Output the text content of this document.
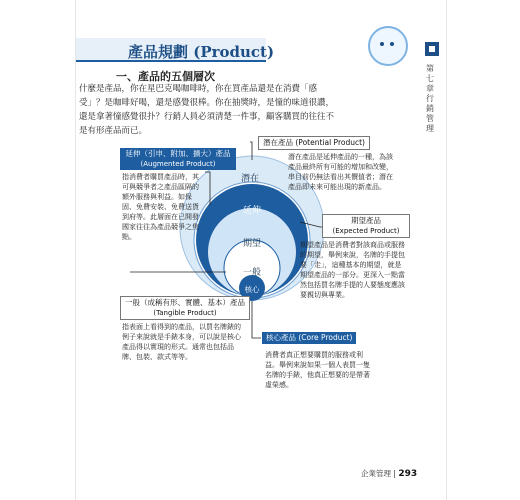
產品規劃 (Product)
第七章 行銷管理
一、產品的五個層次
什麼是產品，你在星巴克喝咖啡時，你在買產品還是在消費「感受」？是咖啡好喝，還是感覺很棒。你在抽獎時，是憧的味道很讚，還是拿著憧感覺很扑？行銷人員必須清楚一件事，顧客購買的往往不是有形產品而已。
潛在
延伸
期望
一般
核心
潛在產品 (Potential Product)
潛在產品是延伸產品的一種，為該產品最終所有可能的增加和改變，串目前仍無法看出其價值者；潛在產品即未來可能出現的新產品。
延伸（引申、附加、擴大）產品
(Augmented Product)
指消費者購買產品時，其可與競爭者之產品區隔的額外服務與利益。如保固、免費安裝、免費送貨到府等。此層面在已開發國家往往為產品競爭之焦點。
期望產品
(Expected Product)
期望產品是消費者對該商品或服務的期望，舉例來說，名牌的手提包要「走」，這種基本的期望，就是期望產品的一部分。更深入一點當然包括買名牌手提的人要態度應該要親切與專業。
一般（成稱有形、實體、基本）產品
(Tangible Product)
指表面上看得到的產品，以買名牌錶的例子來說就是手錶本身，可以說是核心產品得以實現的形式。通常也包括品牌、包裝、款式等等。
核心產品 (Core Product)
消費者真正想要購買的服務或利益。舉例來說如果一個人表買一隻名牌的手錶，他真正想要的是帶著虛榮感。
企業管理 | 293
